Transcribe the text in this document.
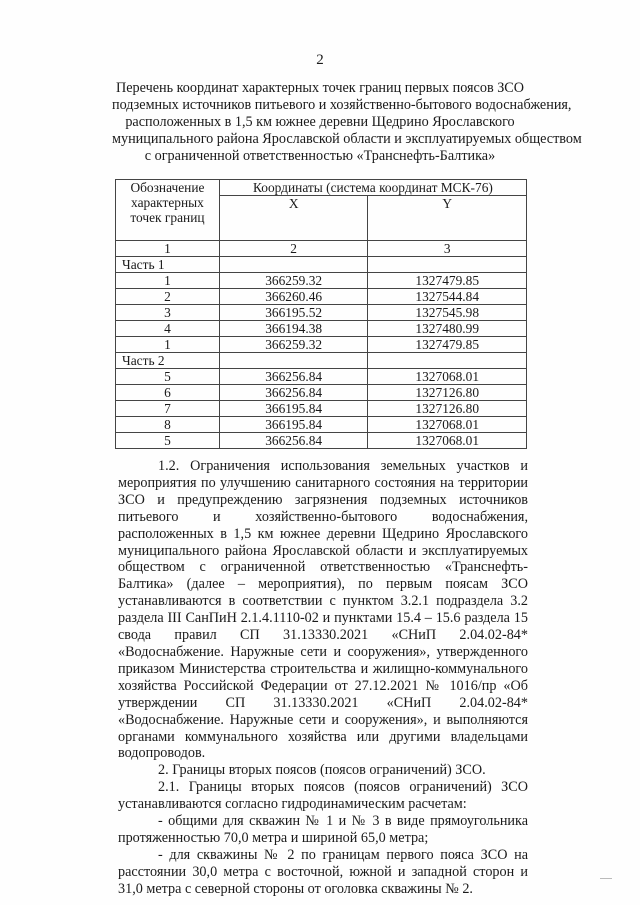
2
Перечень координат характерных точек границ первых поясов ЗСО
подземных источников питьевого и хозяйственно-бытового водоснабжения,
расположенных в 1,5 км южнее деревни Щедрино Ярославского
муниципального района Ярославской области и эксплуатируемых обществом
с ограниченной ответственностью «Транснефть-Балтика»
Обозначение характерных точек границ	Координаты (система координат МСК-76)	
	X	Y
1	2	3
Часть 1		
1	366259.32	1327479.85
2	366260.46	1327544.84
3	366195.52	1327545.98
4	366194.38	1327480.99
1	366259.32	1327479.85
Часть 2		
5	366256.84	1327068.01
6	366256.84	1327126.80
7	366195.84	1327126.80
8	366195.84	1327068.01
5	366256.84	1327068.01

1.2. Ограничения использования земельных участков и мероприятия по улучшению санитарного состояния на территории ЗСО и предупреждению загрязнения подземных источников питьевого и хозяйственно-бытового водоснабжения, расположенных в 1,5 км южнее деревни Щедрино Ярославского муниципального района Ярославской области и эксплуатируемых обществом с ограниченной ответственностью «Транснефть-Балтика» (далее – мероприятия), по первым поясам ЗСО устанавливаются в соответствии с пунктом 3.2.1 подраздела 3.2 раздела III СанПиН 2.1.4.1110-02 и пунктами 15.4 – 15.6 раздела 15 свода правил СП 31.13330.2021 «СНиП 2.04.02-84* «Водоснабжение. Наружные сети и сооружения», утвержденного приказом Министерства строительства и жилищно-коммунального хозяйства Российской Федерации от 27.12.2021 № 1016/пр «Об утверждении СП 31.13330.2021 «СНиП 2.04.02-84* «Водоснабжение. Наружные сети и сооружения», и выполняются органами коммунального хозяйства или другими владельцами водопроводов.

2. Границы вторых поясов (поясов ограничений) ЗСО.

2.1. Границы вторых поясов (поясов ограничений) ЗСО устанавливаются согласно гидродинамическим расчетам:

- общими для скважин № 1 и № 3 в виде прямоугольника протяженностью 70,0 метра и шириной 65,0 метра;

- для скважины № 2 по границам первого пояса ЗСО на расстоянии 30,0 метра с восточной, южной и западной сторон и 31,0 метра с северной стороны от оголовка скважины № 2.
